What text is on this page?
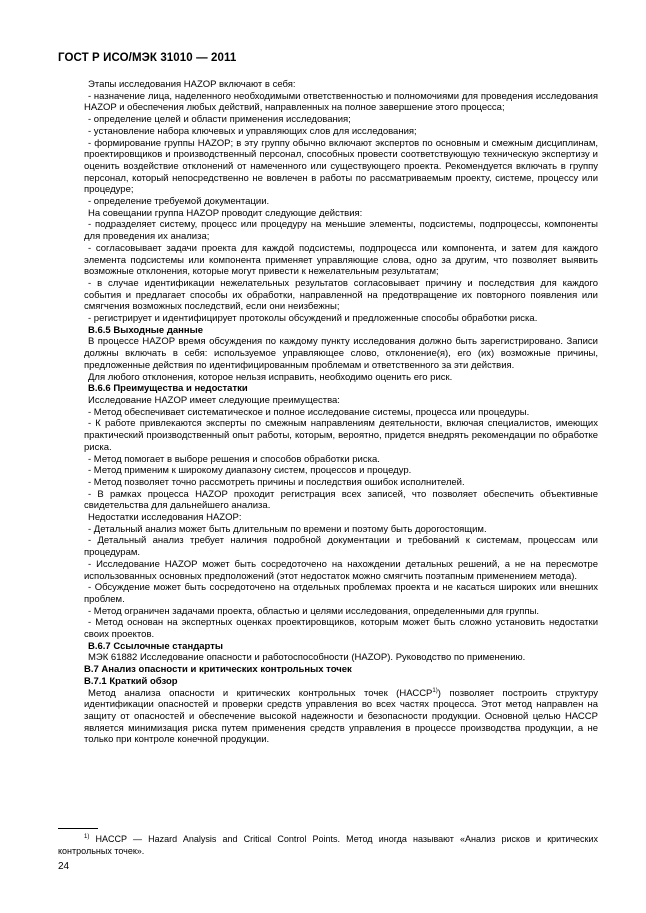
ГОСТ Р ИСО/МЭК 31010 — 2011

Этапы исследования HAZOP включают в себя:

- назначение лица, наделенного необходимыми ответственностью и полномочиями для проведения исследования HAZOP и обеспечения любых действий, направленных на полное завершение этого процесса;

- определение целей и области применения исследования;

- установление набора ключевых и управляющих слов для исследования;

- формирование группы HAZOP; в эту группу обычно включают экспертов по основным и смежным дисциплинам, проектировщиков и производственный персонал, способных провести соответствующую техническую экспертизу и оценить воздействие отклонений от намеченного или существующего проекта. Рекомендуется включать в группу персонал, который непосредственно не вовлечен в работы по рассматриваемым проекту, системе, процессу или процедуре;

- определение требуемой документации.

На совещании группа HAZOP проводит следующие действия:

- подразделяет систему, процесс или процедуру на меньшие элементы, подсистемы, подпроцессы, компоненты для проведения их анализа;

- согласовывает задачи проекта для каждой подсистемы, подпроцесса или компонента, и затем для каждого элемента подсистемы или компонента применяет управляющие слова, одно за другим, что позволяет выявить возможные отклонения, которые могут привести к нежелательным результатам;

- в случае идентификации нежелательных результатов согласовывает причину и последствия для каждого события и предлагает способы их обработки, направленной на предотвращение их повторного появления или смягчения возможных последствий, если они неизбежны;

- регистрирует и идентифицирует протоколы обсуждений и предложенные способы обработки риска.

В.6.5 Выходные данные

В процессе HAZOP время обсуждения по каждому пункту исследования должно быть зарегистрировано. Записи должны включать в себя: используемое управляющее слово, отклонение(я), его (их) возможные причины, предложенные действия по идентифицированным проблемам и ответственного за эти действия.

Для любого отклонения, которое нельзя исправить, необходимо оценить его риск.

В.6.6 Преимущества и недостатки

Исследование HAZOP имеет следующие преимущества:

- Метод обеспечивает систематическое и полное исследование системы, процесса или процедуры.

- К работе привлекаются эксперты по смежным направлениям деятельности, включая специалистов, имеющих практический производственный опыт работы, которым, вероятно, придется внедрять рекомендации по обработке риска.

- Метод помогает в выборе решения и способов обработки риска.

- Метод применим к широкому диапазону систем, процессов и процедур.

- Метод позволяет точно рассмотреть причины и последствия ошибок исполнителей.

- В рамках процесса HAZOP проходит регистрация всех записей, что позволяет обеспечить объективные свидетельства для дальнейшего анализа.

Недостатки исследования HAZOP:

- Детальный анализ может быть длительным по времени и поэтому быть дорогостоящим.

- Детальный анализ требует наличия подробной документации и требований к системам, процессам или процедурам.

- Исследование HAZOP может быть сосредоточено на нахождении детальных решений, а не на пересмотре использованных основных предположений (этот недостаток можно смягчить поэтапным применением метода).

- Обсуждение может быть сосредоточено на отдельных проблемах проекта и не касаться широких или внешних проблем.

- Метод ограничен задачами проекта, областью и целями исследования, определенными для группы.

- Метод основан на экспертных оценках проектировщиков, которым может быть сложно установить недостатки своих проектов.

В.6.7 Ссылочные стандарты

МЭК 61882 Исследование опасности и работоспособности (HAZOP). Руководство по применению.

В.7 Анализ опасности и критических контрольных точек

В.7.1 Краткий обзор

Метод анализа опасности и критических контрольных точек (НАССР$^{1)}$) позволяет построить структуру идентификации опасностей и проверки средств управления во всех частях процесса. Этот метод направлен на защиту от опасностей и обеспечение высокой надежности и безопасности продукции. Основной целью НАССР является минимизация риска путем применения средств управления в процессе производства продукции, а не только при контроле конечной продукции.

$^{1)}$ HACCP — Hazard Analysis and Critical Control Points. Метод иногда называют «Анализ рисков и критических контрольных точек».
24
